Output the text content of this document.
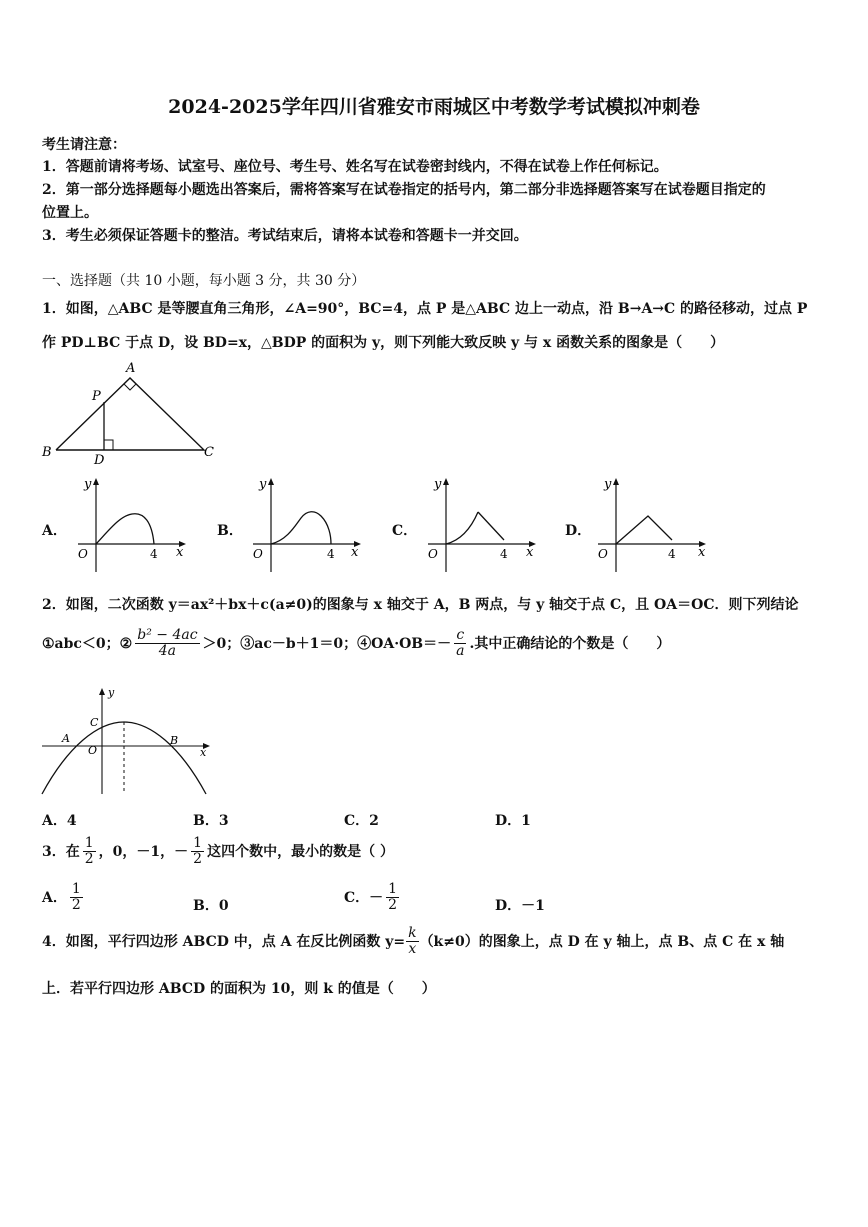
2024-2025学年四川省雅安市雨城区中考数学考试模拟冲刺卷
考生请注意：
1．答题前请将考场、试室号、座位号、考生号、姓名写在试卷密封线内，不得在试卷上作任何标记。
2．第一部分选择题每小题选出答案后，需将答案写在试卷指定的括号内，第二部分非选择题答案写在试卷题目指定的
位置上。
3．考生必须保证答题卡的整洁。考试结束后，请将本试卷和答题卡一并交回。
一、选择题（共 10 小题，每小题 3 分，共 30 分）
1．如图，△ABC 是等腰直角三角形，∠A=90°，BC=4，点 P 是△ABC 边上一动点，沿 B→A→C 的路径移动，过点 P
作 PD⊥BC 于点 D，设 BD=x，△BDP 的面积为 y，则下列能大致反映 y 与 x 函数关系的图象是（　　）
A
B	C
P
D
A．
y
x
O	4
B．
y
x
O	4
C．
y
x
O	4
D．
y
x
O	4
2．如图，二次函数 y＝ax²＋bx＋c(a≠0)的图象与 x 轴交于 A，B 两点，与 y 轴交于点 C，且 OA＝OC．则下列结论
①abc＜0；② $\frac{\text{b² − 4ac}}{4a} >0$；③ac－b＋1＝0；④OA·OB＝－ $\frac{c}{a}$ .其中正确结论的个数是（　　）
y
x
A	B
C
O
A．4	B．3	C．2	D．1
3．在 $\frac{1}{2}$ ，0，－1，－ $\frac{1}{2}$ 这四个数中，最小的数是（ ）
A． $\frac{1}{2}$	B．0	C．－ $\frac{1}{2}$	D．－1
4．如图，平行四边形 ABCD 中，点 A 在反比例函数 $y= \frac{k}{x} (k\ne 0)$的图象上，点 D 在 y 轴上，点 B、点 C 在 x 轴
上．若平行四边形 ABCD 的面积为 10，则 k 的值是（　　）
